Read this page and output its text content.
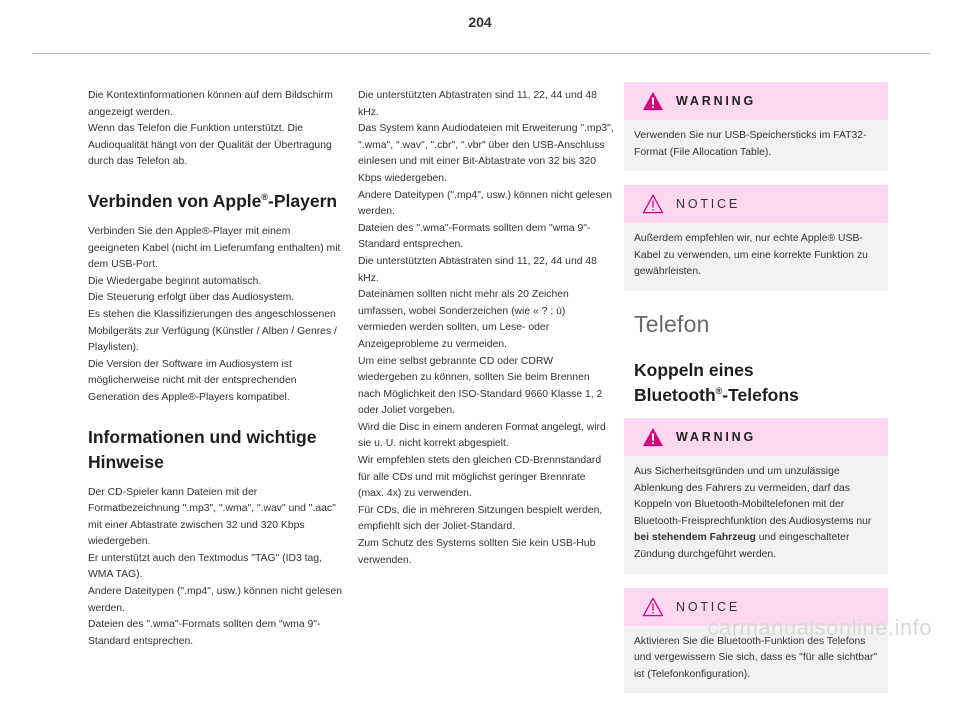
204

Die Kontextinformationen können auf dem Bildschirm angezeigt werden.
Wenn das Telefon die Funktion unterstützt. Die Audioqualität hängt von der Qualität der Übertragung durch das Telefon ab.

Verbinden von Apple®-Playern

Verbinden Sie den Apple®-Player mit einem geeigneten Kabel (nicht im Lieferumfang enthalten) mit dem USB-Port.
Die Wiedergabe beginnt automatisch.
Die Steuerung erfolgt über das Audiosystem.
Es stehen die Klassifizierungen des angeschlossenen Mobilgeräts zur Verfügung (Künstler / Alben / Genres / Playlisten).
Die Version der Software im Audiosystem ist möglicherweise nicht mit der entsprechenden Generation des Apple®-Players kompatibel.

Informationen und wichtige Hinweise

Der CD-Spieler kann Dateien mit der Formatbezeichnung ".mp3", ".wma", ".wav" und ".aac" mit einer Abtastrate zwischen 32 und 320 Kbps wiedergeben.
Er unterstützt auch den Textmodus "TAG" (ID3 tag, WMA TAG).
Andere Dateitypen (".mp4", usw.) können nicht gelesen werden.
Dateien des ".wma"-Formats sollten dem "wma 9"-Standard entsprechen.

Die unterstützten Abtastraten sind 11, 22, 44 und 48 kHz.
Das System kann Audiodateien mit Erweiterung ".mp3", ".wma", ".wav", ".cbr", ".vbr" über den USB-Anschluss einlesen und mit einer Bit-Abtastrate von 32 bis 320 Kbps wiedergeben.
Andere Dateitypen (".mp4", usw.) können nicht gelesen werden.
Dateien des ".wma"-Formats sollten dem "wma 9"-Standard entsprechen.
Die unterstützten Abtastraten sind 11, 22, 44 und 48 kHz.
Dateinamen sollten nicht mehr als 20 Zeichen umfassen, wobei Sonderzeichen (wie « ? ; ù) vermieden werden sollten, um Lese- oder Anzeigeprobleme zu vermeiden.
Um eine selbst gebrannte CD oder CDRW wiedergeben zu können, sollten Sie beim Brennen nach Möglichkeit den ISO-Standard 9660 Klasse 1, 2 oder Joliet vorgeben.
Wird die Disc in einem anderen Format angelegt, wird sie u. U. nicht korrekt abgespielt.
Wir empfehlen stets den gleichen CD-Brennstandard für alle CDs und mit möglichst geringer Brennrate (max. 4x) zu verwenden.
Für CDs, die in mehreren Sitzungen bespielt werden, empfiehlt sich der Joliet-Standard.
Zum Schutz des Systems sollten Sie kein USB-Hub verwenden.

WARNING
Verwenden Sie nur USB-Speichersticks im FAT32-Format (File Allocation Table).
NOTICE
Außerdem empfehlen wir, nur echte Apple® USB-Kabel zu verwenden, um eine korrekte Funktion zu gewährleisten.
Telefon
Koppeln eines
Bluetooth®-Telefons
WARNING
Aus Sicherheitsgründen und um unzulässige Ablenkung des Fahrers zu vermeiden, darf das Koppeln von Bluetooth-Mobiltelefonen mit der Bluetooth-Freisprechfunktion des Audiosystems nur bei stehendem Fahrzeug und eingeschalteter Zündung durchgeführt werden.
NOTICE
Aktivieren Sie die Bluetooth-Funktion des Telefons und vergewissern Sie sich, dass es "für alle sichtbar" ist (Telefonkonfiguration).
carmanualsonline.info
